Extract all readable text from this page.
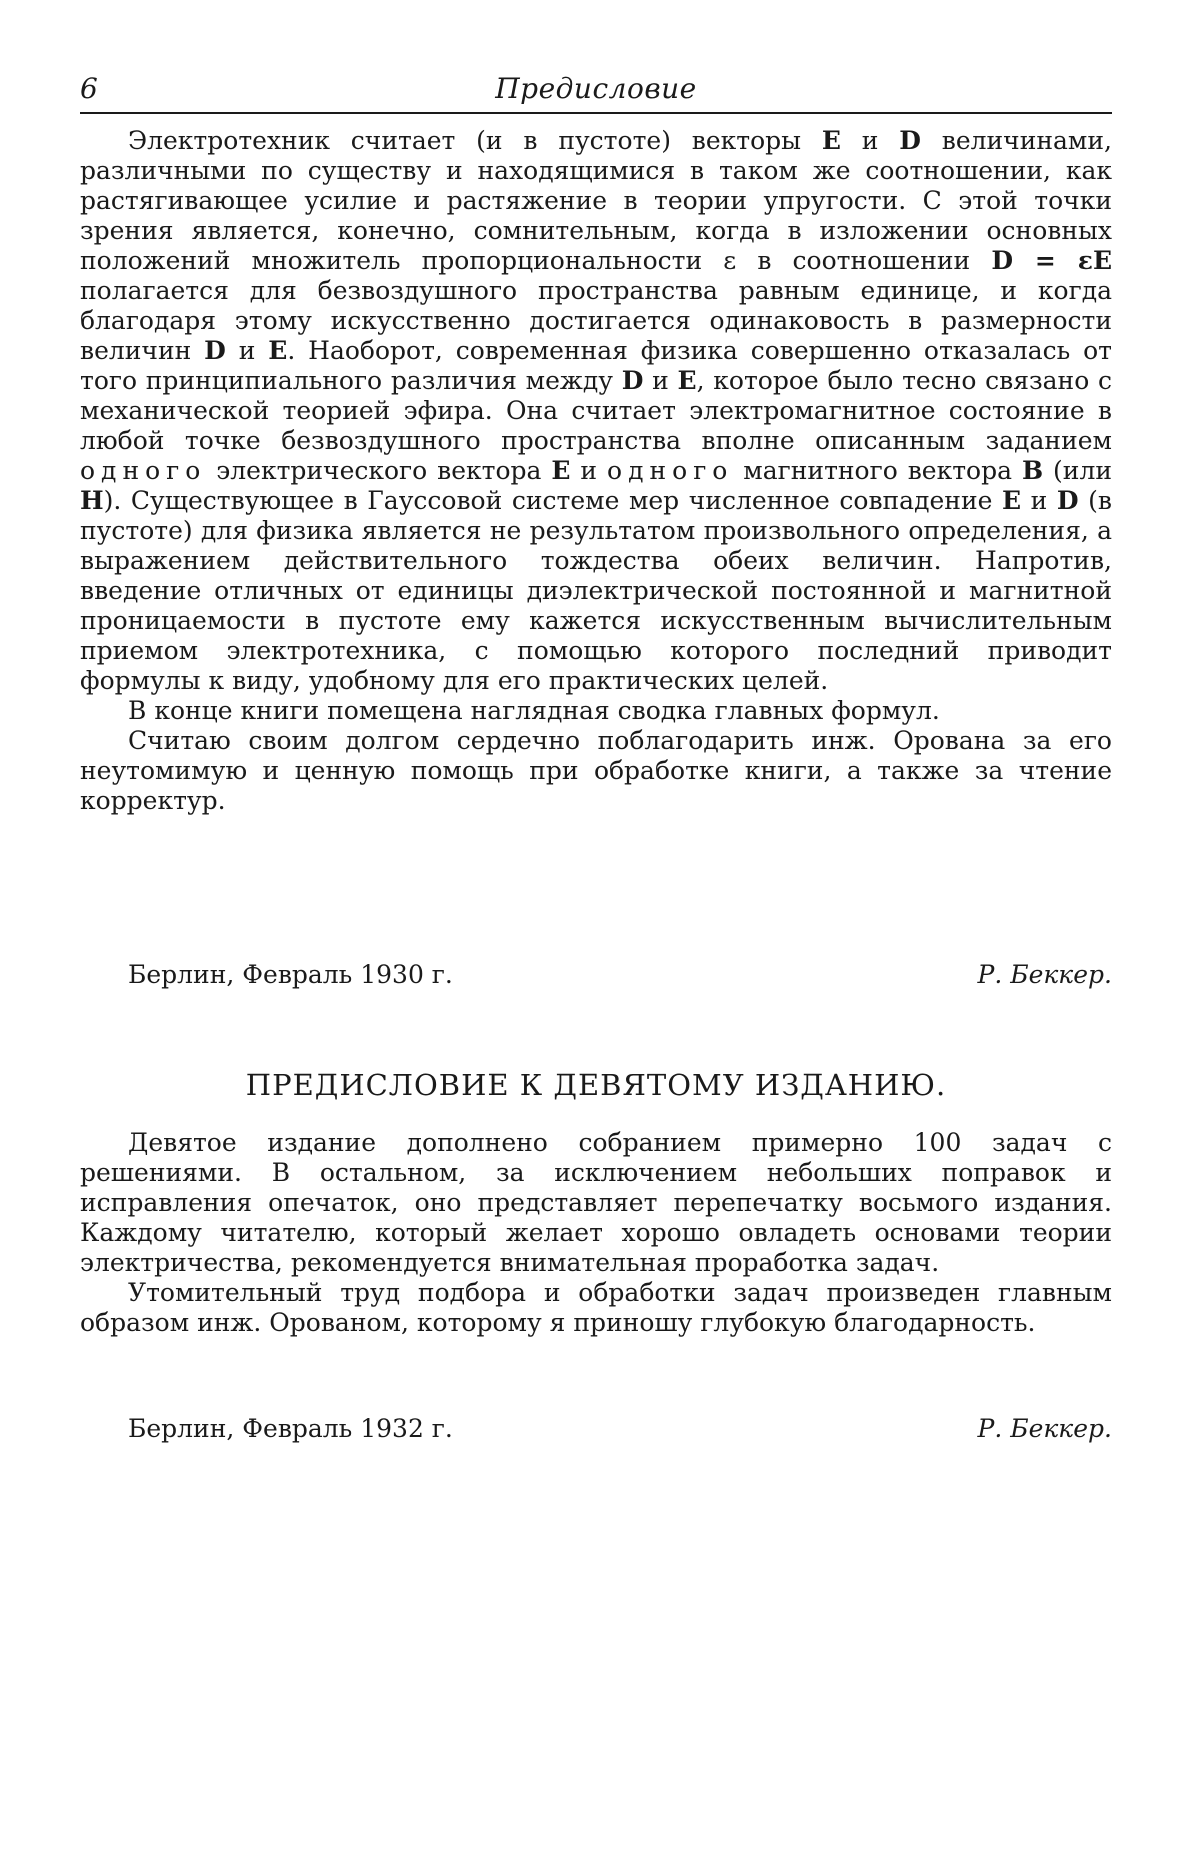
6	Предисловие

Электротехник считает (и в пустоте) векторы E и D величинами, различными по существу и находящимися в таком же соотношении, как растягивающее усилие и растяжение в теории упругости. С этой точки зрения является, конечно, сомнительным, когда в изложении основных положений множитель пропорциональности ε в соотношении D = εE полагается для безвоздушного пространства равным единице, и когда благодаря этому искусственно достигается одинаковость в размерности величин D и E. Наоборот, современная физика совершенно отказалась от того принципиального различия между D и E, которое было тесно связано с механической теорией эфира. Она считает электромагнитное состояние в любой точке безвоздушного пространства вполне описанным заданием одного электрического вектора E и одного магнитного вектора B (или H). Существующее в Гауссовой системе мер численное совпадение E и D (в пустоте) для физика является не результатом произвольного определения, а выражением действительного тождества обеих величин. Напротив, введение отличных от единицы диэлектрической постоянной и магнитной проницаемости в пустоте ему кажется искусственным вычислительным приемом электротехника, с помощью которого последний приводит формулы к виду, удобному для его практических целей.

В конце книги помещена наглядная сводка главных формул.

Считаю своим долгом сердечно поблагодарить инж. Орована за его неутомимую и ценную помощь при обработке книги, а также за чтение корректур.

Берлин, Февраль 1930 г.	Р. Беккер.
ПРЕДИСЛОВИЕ К ДЕВЯТОМУ ИЗДАНИЮ.

Девятое издание дополнено собранием примерно 100 задач с решениями. В остальном, за исключением небольших поправок и исправления опечаток, оно представляет перепечатку восьмого издания. Каждому читателю, который желает хорошо овладеть основами теории электричества, рекомендуется внимательная проработка задач.

Утомительный труд подбора и обработки задач произведен главным образом инж. Орованом, которому я приношу глубокую благодарность.

Берлин, Февраль 1932 г.	Р. Беккер.
